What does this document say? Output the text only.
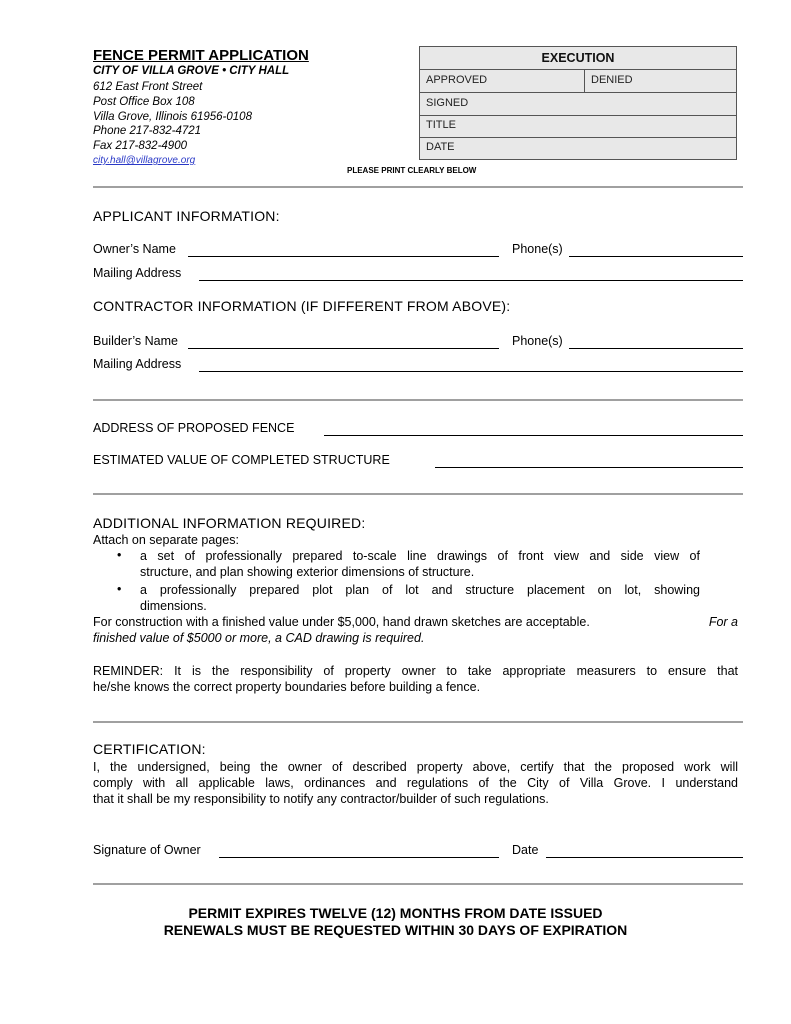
FENCE PERMIT APPLICATION
CITY OF VILLA GROVE • CITY HALL
612 East Front Street
Post Office Box 108
Villa Grove, Illinois 61956-0108
Phone 217-832-4721
Fax 217-832-4900
city.hall@villagrove.org
EXECUTION
APPROVED	DENIED
SIGNED
TITLE
DATE
PLEASE PRINT CLEARLY BELOW
APPLICANT INFORMATION:
Owner’s Name	Phone(s)
Mailing Address
CONTRACTOR INFORMATION (IF DIFFERENT FROM ABOVE):
Builder’s Name	Phone(s)
Mailing Address
ADDRESS OF PROPOSED FENCE
ESTIMATED VALUE OF COMPLETED STRUCTURE
ADDITIONAL INFORMATION REQUIRED:
Attach on separate pages:
• a set of professionally prepared to-scale line drawings of front view and side view of
structure, and plan showing exterior dimensions of structure.
• a professionally prepared plot plan of lot and structure placement on lot, showing
dimensions.
For construction with a finished value under $5,000, hand drawn sketches are acceptable.	For a
finished value of $5000 or more, a CAD drawing is required.
REMINDER: It is the responsibility of property owner to take appropriate measurers to ensure that
he/she knows the correct property boundaries before building a fence.
CERTIFICATION:
I, the undersigned, being the owner of described property above, certify that the proposed work will
comply with all applicable laws, ordinances and regulations of the City of Villa Grove. I understand
that it shall be my responsibility to notify any contractor/builder of such regulations.
Signature of Owner	Date
PERMIT EXPIRES TWELVE (12) MONTHS FROM DATE ISSUED
RENEWALS MUST BE REQUESTED WITHIN 30 DAYS OF EXPIRATION
